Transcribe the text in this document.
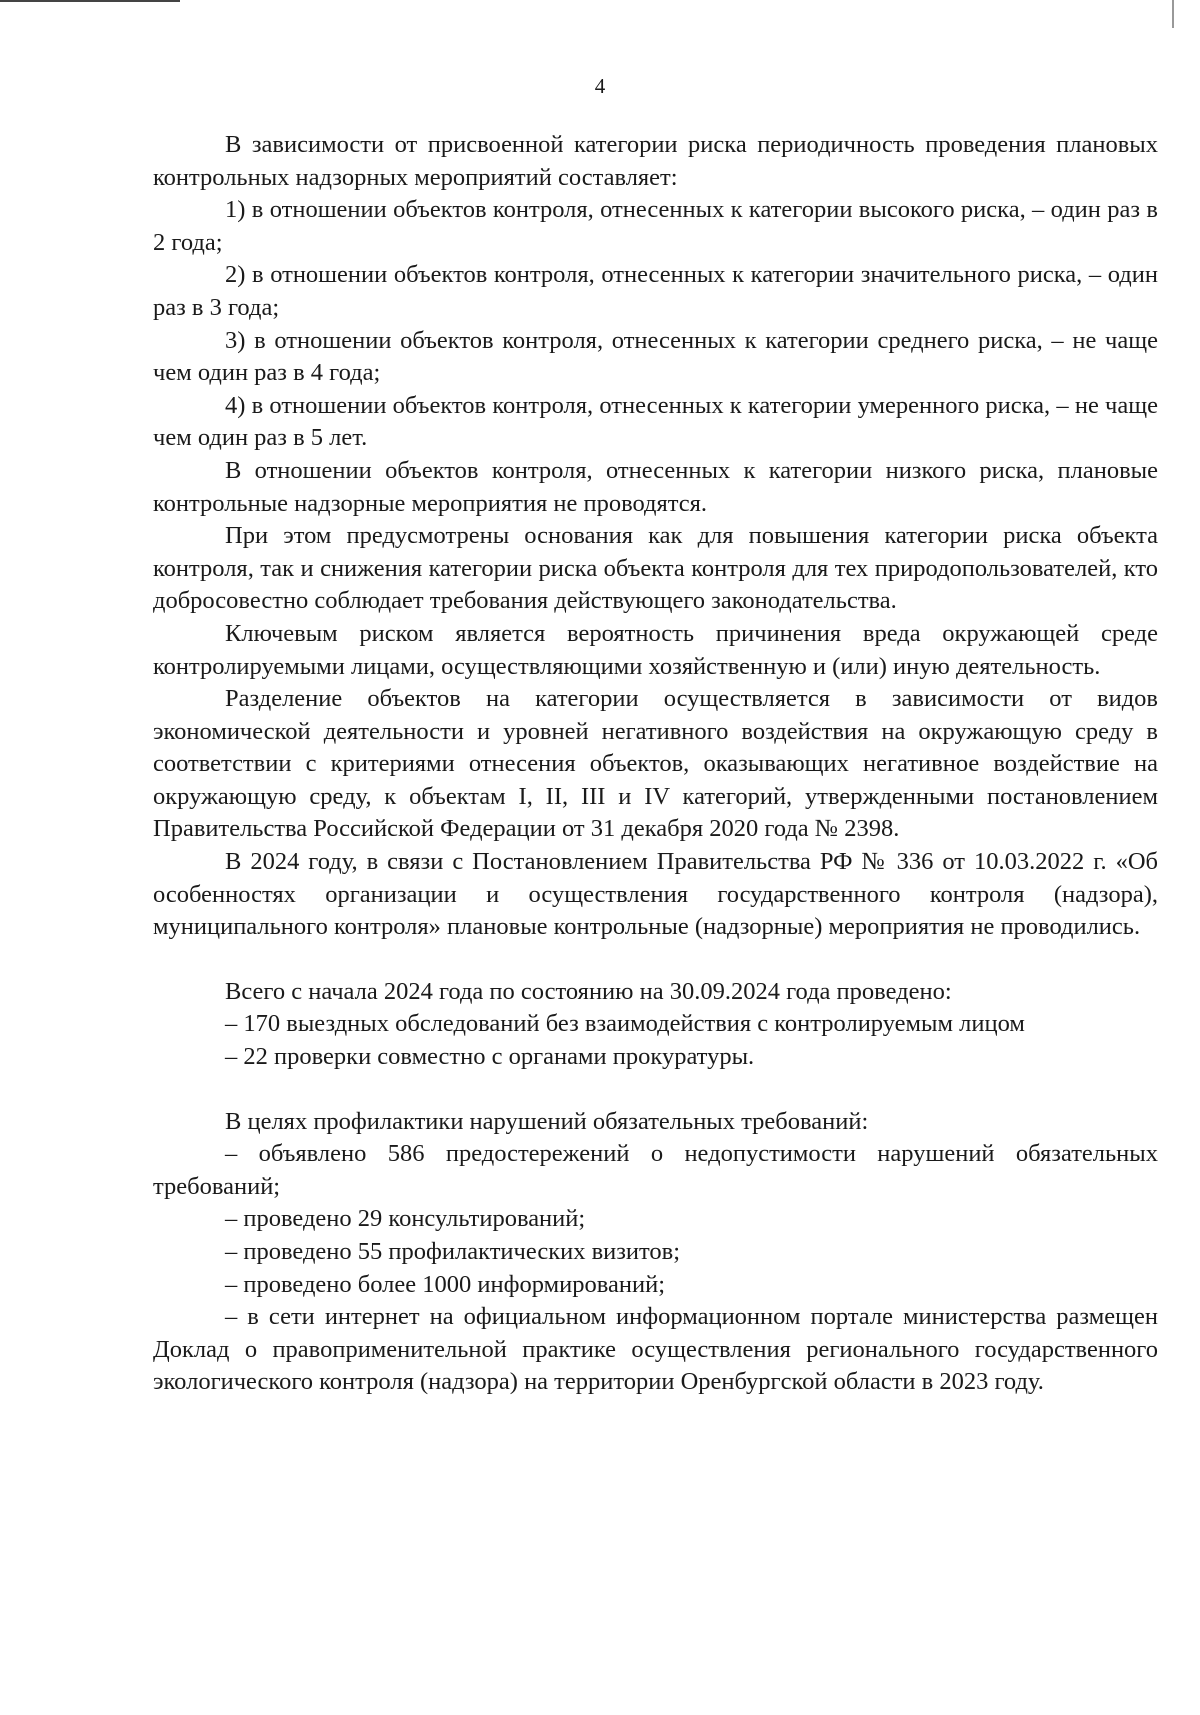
4

В зависимости от присвоенной категории риска периодичность проведения плановых контрольных надзорных мероприятий составляет:

1) в отношении объектов контроля, отнесенных к категории высокого риска, – один раз в 2 года;

2) в отношении объектов контроля, отнесенных к категории значительного риска, – один раз в 3 года;

3) в отношении объектов контроля, отнесенных к категории среднего риска, – не чаще чем один раз в 4 года;

4) в отношении объектов контроля, отнесенных к категории умеренного риска, – не чаще чем один раз в 5 лет.

В отношении объектов контроля, отнесенных к категории низкого риска, плановые контрольные надзорные мероприятия не проводятся.

При этом предусмотрены основания как для повышения категории риска объекта контроля, так и снижения категории риска объекта контроля для тех природопользователей, кто добросовестно соблюдает требования действующего законодательства.

Ключевым риском является вероятность причинения вреда окружающей среде контролируемыми лицами, осуществляющими хозяйственную и (или) иную деятельность.

Разделение объектов на категории осуществляется в зависимости от видов экономической деятельности и уровней негативного воздействия на окружающую среду в соответствии с критериями отнесения объектов, оказывающих негативное воздействие на окружающую среду, к объектам I, II, III и IV категорий, утвержденными постановлением Правительства Российской Федерации от 31 декабря 2020 года № 2398.

В 2024 году, в связи с Постановлением Правительства РФ № 336 от 10.03.2022 г. «Об особенностях организации и осуществления государственного контроля (надзора), муниципального контроля» плановые контрольные (надзорные) мероприятия не проводились.

Всего с начала 2024 года по состоянию на 30.09.2024 года проведено:

– 170 выездных обследований без взаимодействия с контролируемым лицом

– 22 проверки совместно с органами прокуратуры.

В целях профилактики нарушений обязательных требований:

– объявлено 586 предостережений о недопустимости нарушений обязательных требований;

– проведено 29 консультирований;

– проведено 55 профилактических визитов;

– проведено более 1000 информирований;

– в сети интернет на официальном информационном портале министерства размещен Доклад о правоприменительной практике осуществления регионального государственного экологического контроля (надзора) на территории Оренбургской области в 2023 году.
